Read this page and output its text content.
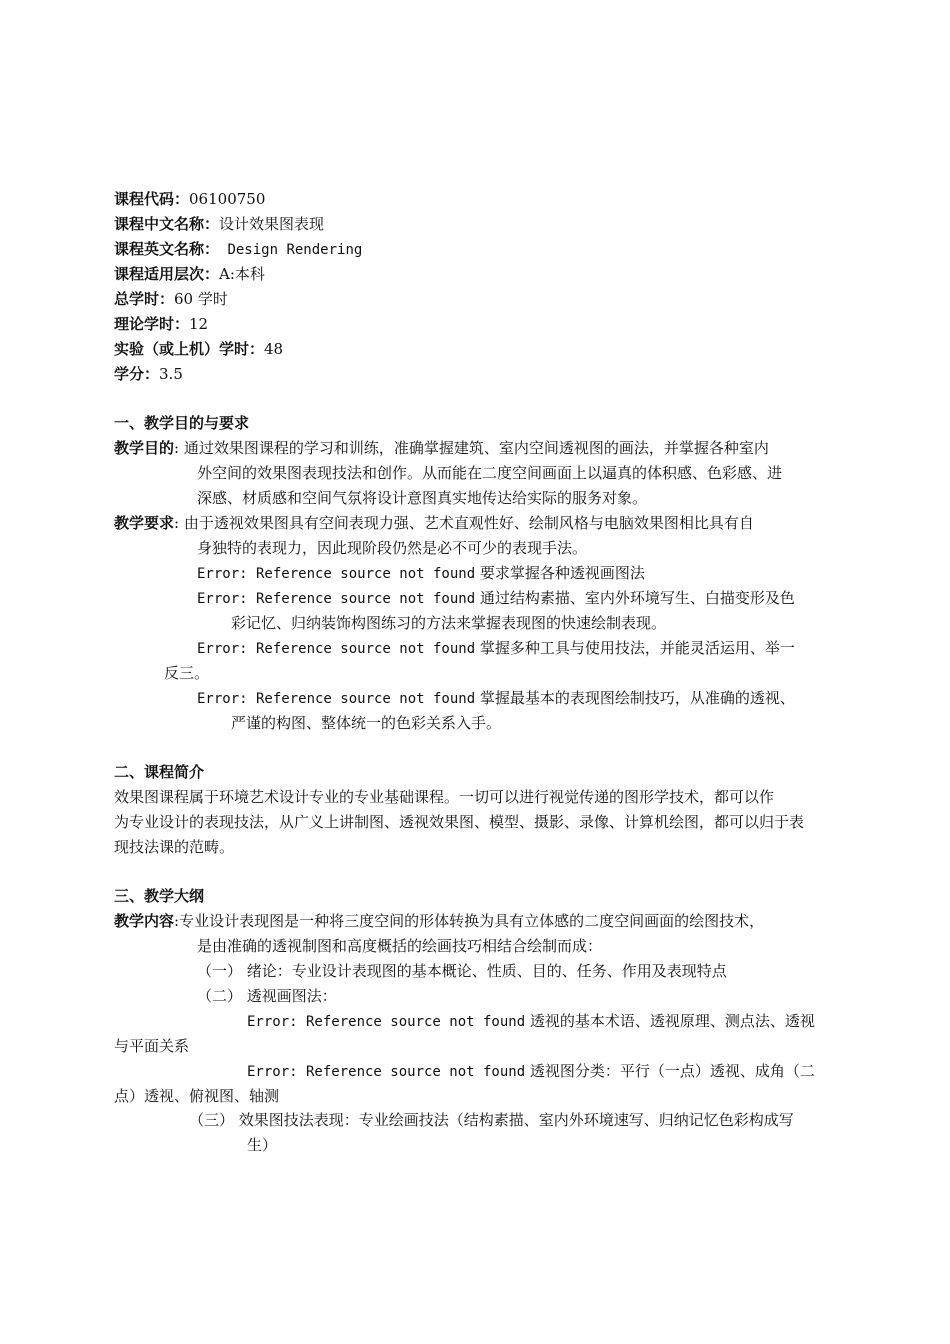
课程代码：06100750
课程中文名称：设计效果图表现
课程英文名称： Design Rendering
课程适用层次：A:本科
总学时：60 学时
理论学时：12
实验（或上机）学时：48
学分：3.5
一、教学目的与要求
教学目的: 通过效果图课程的学习和训练，准确掌握建筑、室内空间透视图的画法，并掌握各种室内
外空间的效果图表现技法和创作。从而能在二度空间画面上以逼真的体积感、色彩感、进
深感、材质感和空间气氛将设计意图真实地传达给实际的服务对象。
教学要求: 由于透视效果图具有空间表现力强、艺术直观性好、绘制风格与电脑效果图相比具有自
身独特的表现力，因此现阶段仍然是必不可少的表现手法。
Error: Reference source not found 要求掌握各种透视画图法
Error: Reference source not found 通过结构素描、室内外环境写生、白描变形及色
彩记忆、归纳装饰构图练习的方法来掌握表现图的快速绘制表现。
Error: Reference source not found 掌握多种工具与使用技法，并能灵活运用、举一
反三。
Error: Reference source not found 掌握最基本的表现图绘制技巧，从准确的透视、
严谨的构图、整体统一的色彩关系入手。
二、课程简介
效果图课程属于环境艺术设计专业的专业基础课程。一切可以进行视觉传递的图形学技术，都可以作
为专业设计的表现技法，从广义上讲制图、透视效果图、模型、摄影、录像、计算机绘图，都可以归于表
现技法课的范畴。
三、教学大纲
教学内容:专业设计表现图是一种将三度空间的形体转换为具有立体感的二度空间画面的绘图技术，
是由准确的透视制图和高度概括的绘画技巧相结合绘制而成：
（一） 绪论：专业设计表现图的基本概论、性质、目的、任务、作用及表现特点
（二） 透视画图法：
Error: Reference source not found 透视的基本术语、透视原理、测点法、透视
与平面关系
Error: Reference source not found 透视图分类：平行（一点）透视、成角（二
点）透视、俯视图、轴测
（三） 效果图技法表现：专业绘画技法（结构素描、室内外环境速写、归纳记忆色彩构成写
生）
